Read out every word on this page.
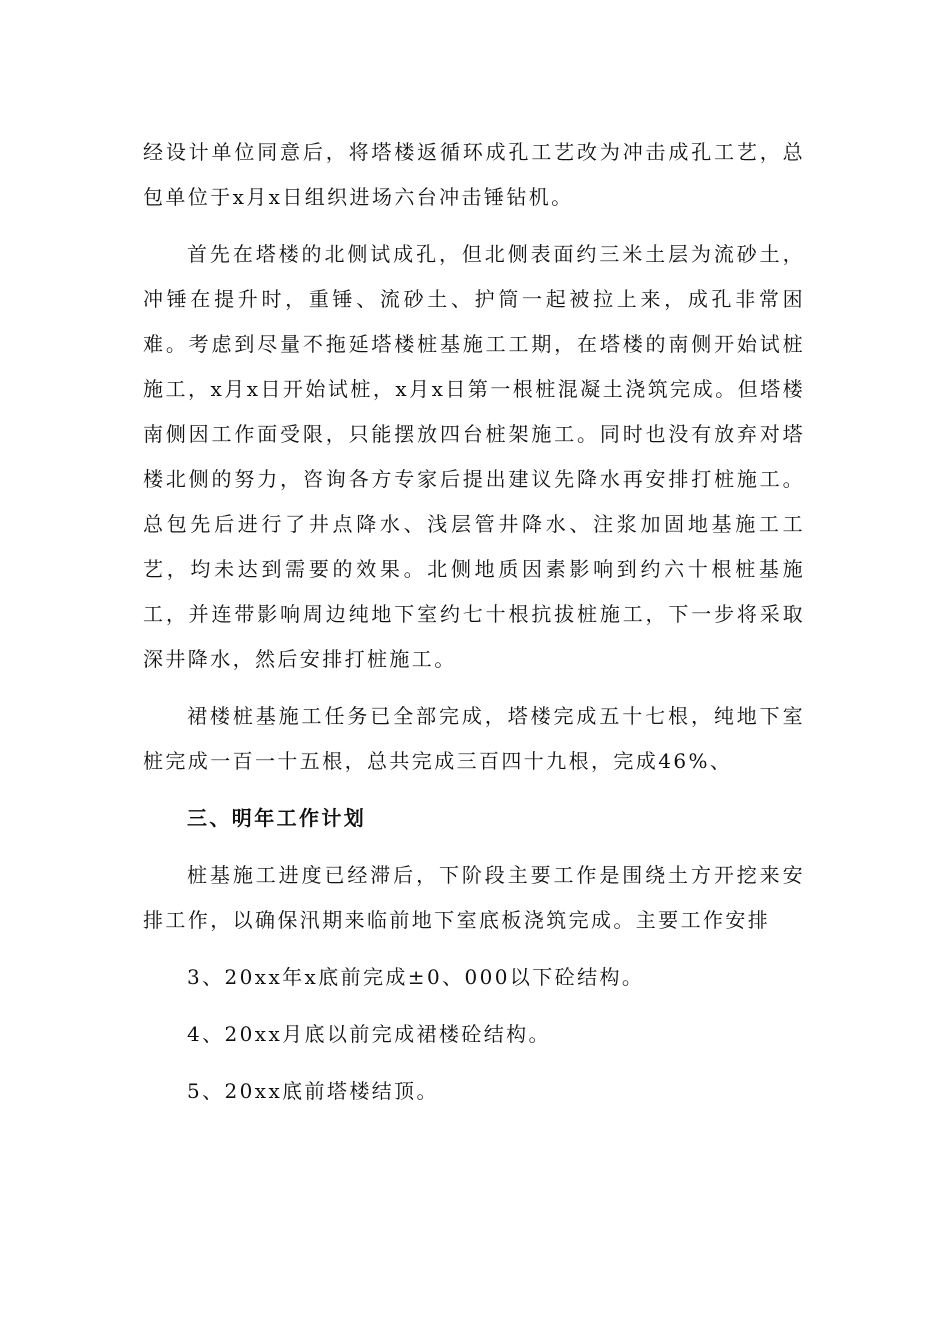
经设计单位同意后，将塔楼返循环成孔工艺改为冲击成孔工艺，总包单位于x月x日组织进场六台冲击锤钻机。

首先在塔楼的北侧试成孔，但北侧表面约三米土层为流砂土，冲锤在提升时，重锤、流砂土、护筒一起被拉上来，成孔非常困难。考虑到尽量不拖延塔楼桩基施工工期，在塔楼的南侧开始试桩施工，x月x日开始试桩，x月x日第一根桩混凝土浇筑完成。但塔楼南侧因工作面受限，只能摆放四台桩架施工。同时也没有放弃对塔楼北侧的努力，咨询各方专家后提出建议先降水再安排打桩施工。总包先后进行了井点降水、浅层管井降水、注浆加固地基施工工艺，均未达到需要的效果。北侧地质因素影响到约六十根桩基施工，并连带影响周边纯地下室约七十根抗拔桩施工，下一步将采取深井降水，然后安排打桩施工。

裙楼桩基施工任务已全部完成，塔楼完成五十七根，纯地下室桩完成一百一十五根，总共完成三百四十九根，完成46%、

三、明年工作计划

桩基施工进度已经滞后，下阶段主要工作是围绕土方开挖来安排工作，以确保汛期来临前地下室底板浇筑完成。主要工作安排

3、20xx年x底前完成±0、000以下砼结构。

4、20xx月底以前完成裙楼砼结构。

5、20xx底前塔楼结顶。
